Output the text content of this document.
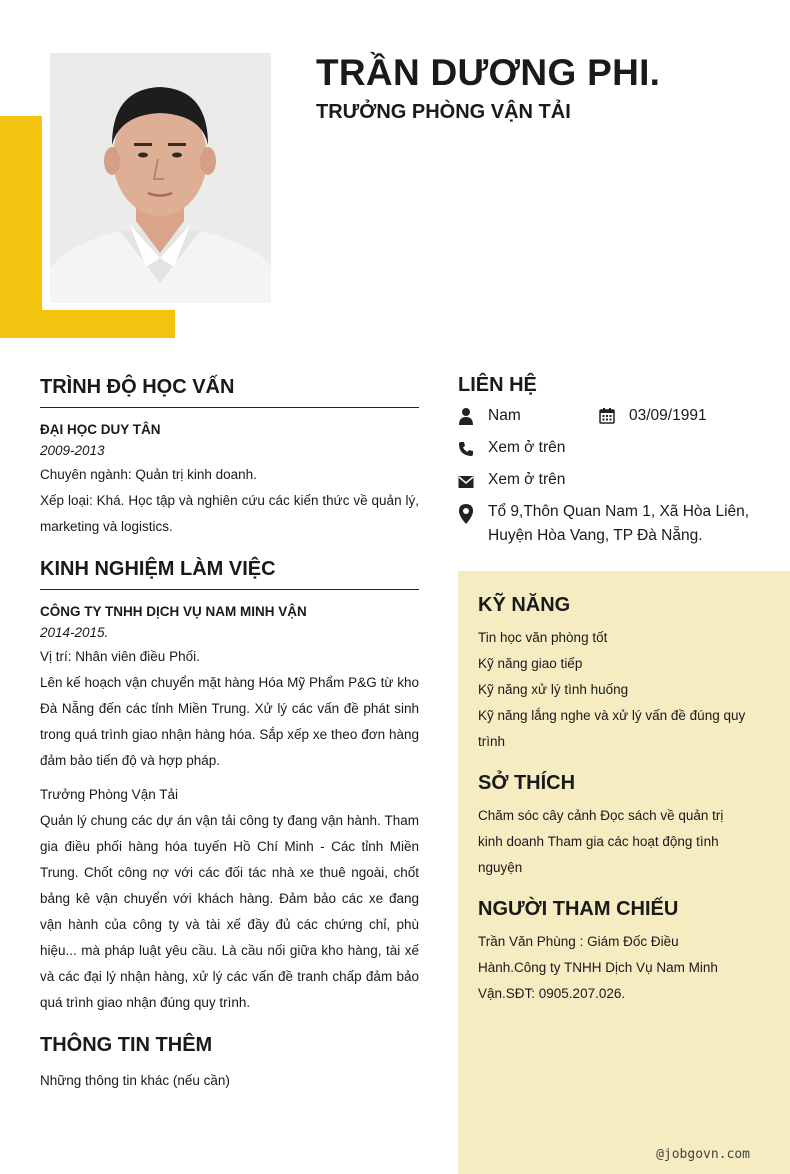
TRẦN DƯƠNG PHI.
TRƯỞNG PHÒNG VẬN TẢI
TRÌNH ĐỘ HỌC VẤN
ĐẠI HỌC DUY TÂN
2009-2013
Chuyên ngành: Quản trị kinh doanh.
Xếp loại: Khá. Học tập và nghiên cứu các kiến thức về quản lý, marketing và logistics.
KINH NGHIỆM LÀM VIỆC
CÔNG TY TNHH DỊCH VỤ NAM MINH VẬN
2014-2015.
Vị trí: Nhân viên điều Phối.
Lên kế hoạch vận chuyển mặt hàng Hóa Mỹ Phẩm P&G từ kho Đà Nẵng đến các tỉnh Miền Trung. Xử lý các vấn đề phát sinh trong quá trình giao nhận hàng hóa. Sắp xếp xe theo đơn hàng đảm bảo tiến độ và hợp pháp.
Trưởng Phòng Vận Tải
Quản lý chung các dự án vận tải công ty đang vận hành. Tham gia điều phối hàng hóa tuyến Hồ Chí Minh - Các tỉnh Miền Trung. Chốt công nợ với các đối tác nhà xe thuê ngoài, chốt bảng kê vận chuyển với khách hàng. Đảm bảo các xe đang vận hành của công ty và tài xế đầy đủ các chứng chỉ, phù hiệu... mà pháp luật yêu cầu. Là cầu nối giữa kho hàng, tài xế và các đại lý nhận hàng, xử lý các vấn đề tranh chấp đảm bảo quá trình giao nhận đúng quy trình.
THÔNG TIN THÊM
Những thông tin khác (nếu cần)
LIÊN HỆ
Nam	03/09/1991
Xem ở trên
Xem ở trên
Tổ 9,Thôn Quan Nam 1, Xã Hòa Liên, Huyện Hòa Vang, TP Đà Nẵng.
KỸ NĂNG
Tin học văn phòng tốt
Kỹ năng giao tiếp
Kỹ năng xử lý tình huống
Kỹ năng lắng nghe và xử lý vấn đề đúng quy trình
SỞ THÍCH
Chăm sóc cây cảnh Đọc sách về quản trị kinh doanh Tham gia các hoạt động tình nguyện
NGƯỜI THAM CHIẾU
Trần Văn Phùng : Giám Đốc Điều Hành.Công ty TNHH Dịch Vụ Nam Minh Vận.SĐT: 0905.207.026.
@jobgovn.com
